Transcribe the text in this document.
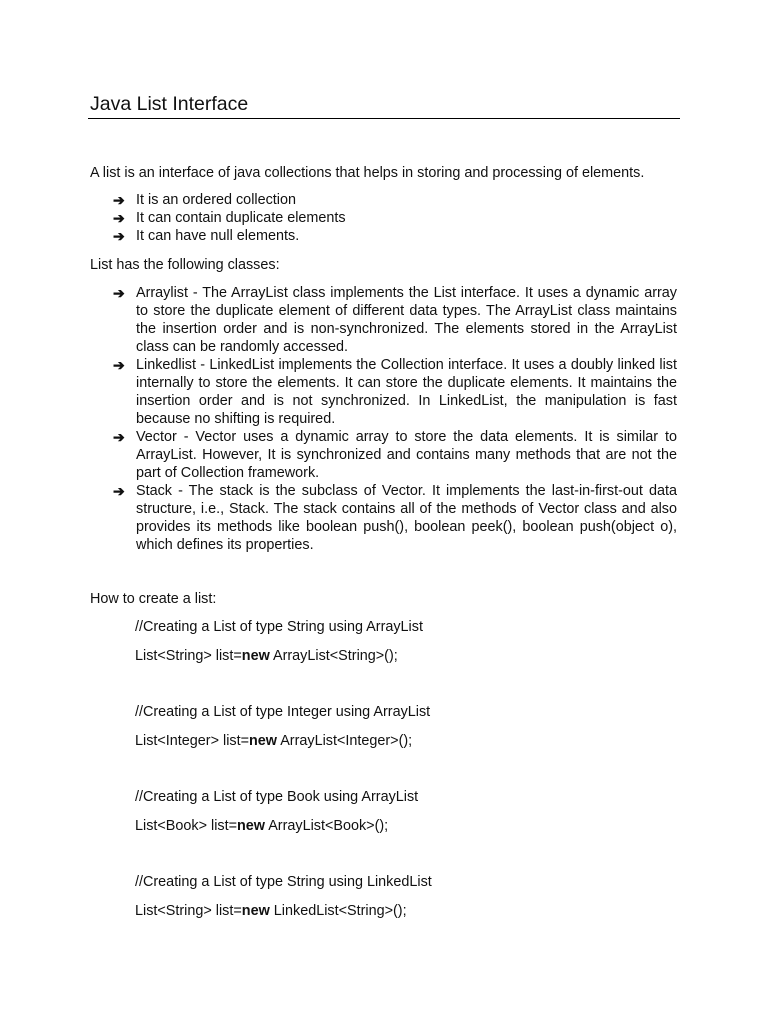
Java List Interface

A list is an interface of java collections that helps in storing and processing of elements.

➔ It is an ordered collection
➔ It can contain duplicate elements
➔ It can have null elements.

List has the following classes:

➔ Arraylist - The ArrayList class implements the List interface. It uses a dynamic array to store the duplicate element of different data types. The ArrayList class maintains the insertion order and is non-synchronized. The elements stored in the ArrayList class can be randomly accessed.
➔ Linkedlist - LinkedList implements the Collection interface. It uses a doubly linked list internally to store the elements. It can store the duplicate elements. It maintains the insertion order and is not synchronized. In LinkedList, the manipulation is fast because no shifting is required.
➔ Vector - Vector uses a dynamic array to store the data elements. It is similar to ArrayList. However, It is synchronized and contains many methods that are not the part of Collection framework.
➔ Stack - The stack is the subclass of Vector. It implements the last-in-first-out data structure, i.e., Stack. The stack contains all of the methods of Vector class and also provides its methods like boolean push(), boolean peek(), boolean push(object o), which defines its properties.

How to create a list:

//Creating a List of type String using ArrayList

List<String> list=new ArrayList<String>();

//Creating a List of type Integer using ArrayList

List<Integer> list=new ArrayList<Integer>();

//Creating a List of type Book using ArrayList

List<Book> list=new ArrayList<Book>();

//Creating a List of type String using LinkedList

List<String> list=new LinkedList<String>();
